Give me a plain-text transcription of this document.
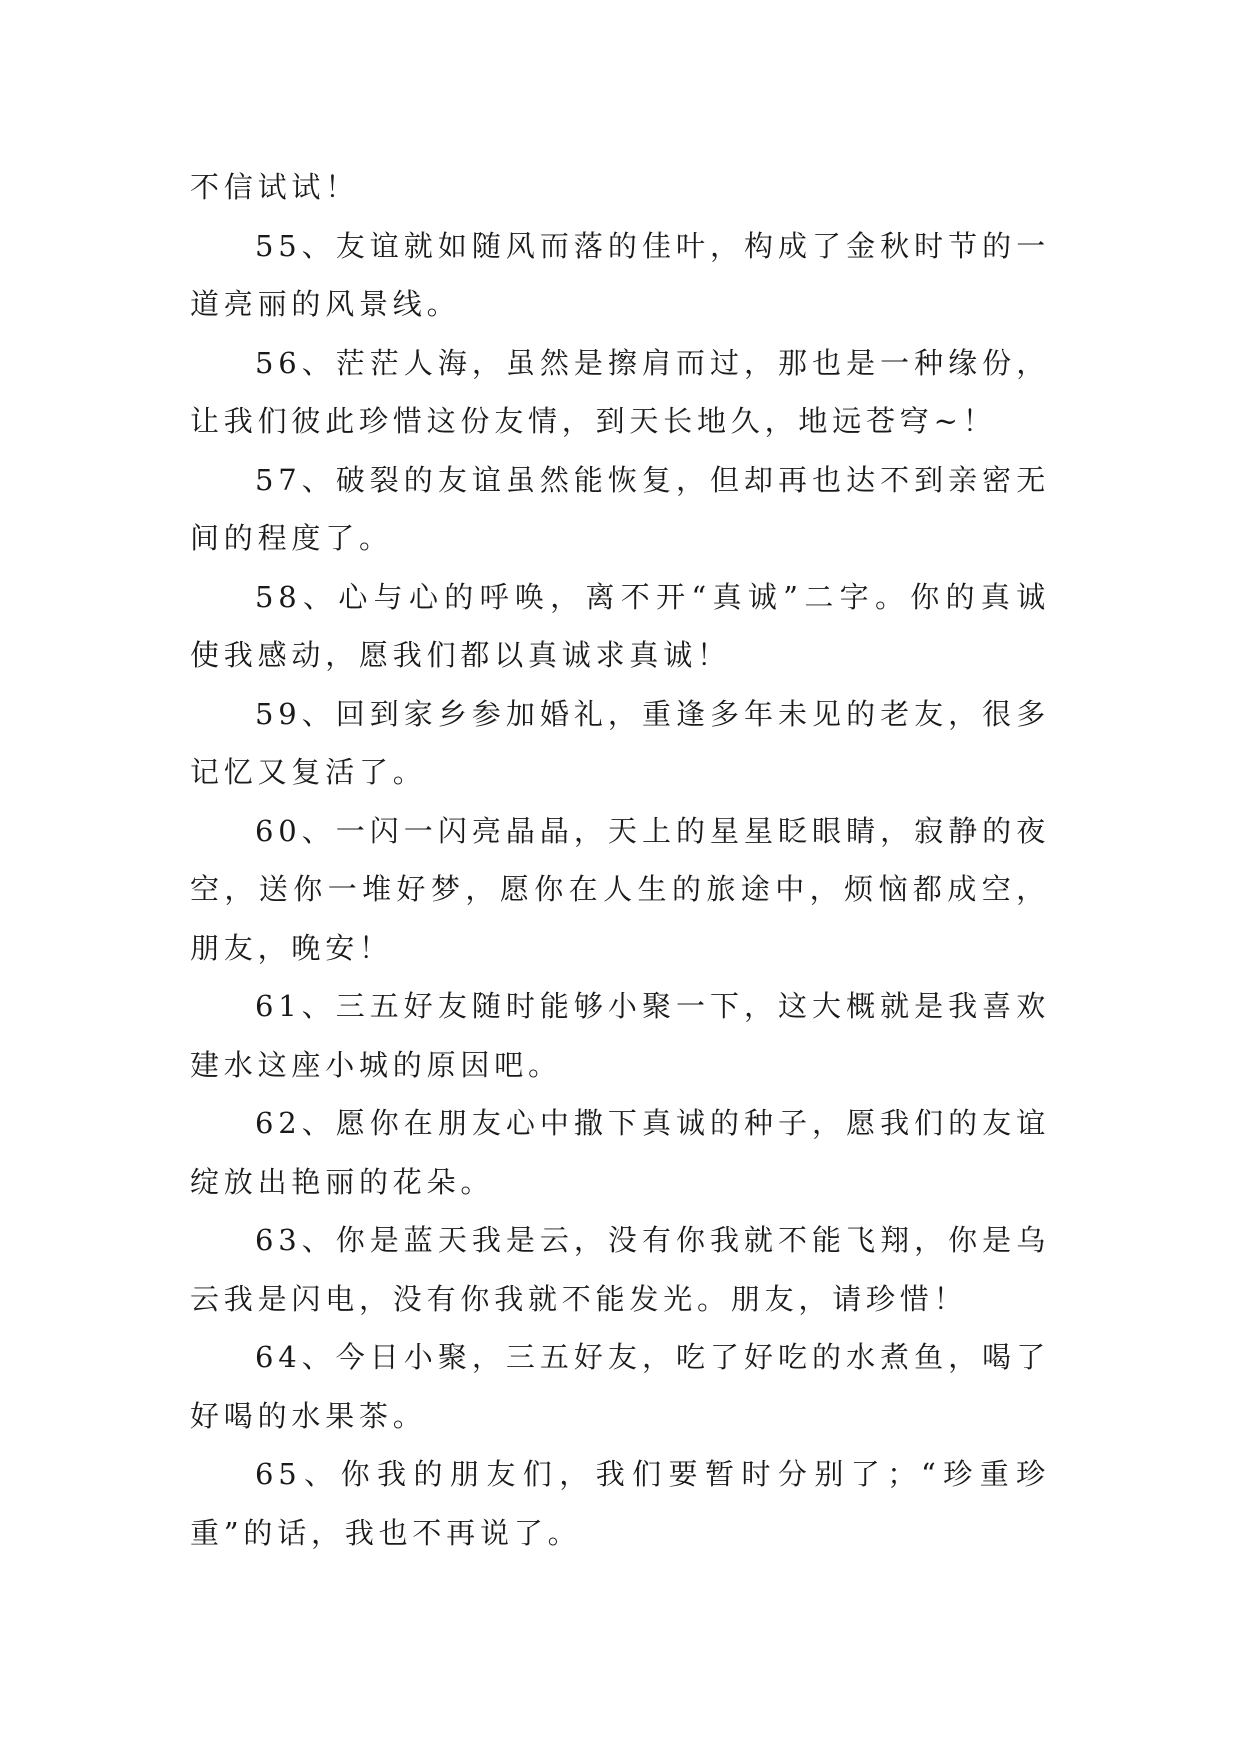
不信试试！

55、友谊就如随风而落的佳叶，构成了金秋时节的一道亮丽的风景线。

56、茫茫人海，虽然是擦肩而过，那也是一种缘份，让我们彼此珍惜这份友情，到天长地久，地远苍穹~！

57、破裂的友谊虽然能恢复，但却再也达不到亲密无间的程度了。

58、心与心的呼唤，离不开“真诚”二字。你的真诚使我感动，愿我们都以真诚求真诚！

59、回到家乡参加婚礼，重逢多年未见的老友，很多记忆又复活了。

60、一闪一闪亮晶晶，天上的星星眨眼睛，寂静的夜空，送你一堆好梦，愿你在人生的旅途中，烦恼都成空，朋友，晚安！

61、三五好友随时能够小聚一下，这大概就是我喜欢建水这座小城的原因吧。

62、愿你在朋友心中撒下真诚的种子，愿我们的友谊绽放出艳丽的花朵。

63、你是蓝天我是云，没有你我就不能飞翔，你是乌云我是闪电，没有你我就不能发光。朋友，请珍惜！

64、今日小聚，三五好友，吃了好吃的水煮鱼，喝了好喝的水果茶。

65、你我的朋友们，我们要暂时分别了；“珍重珍重”的话，我也不再说了。
